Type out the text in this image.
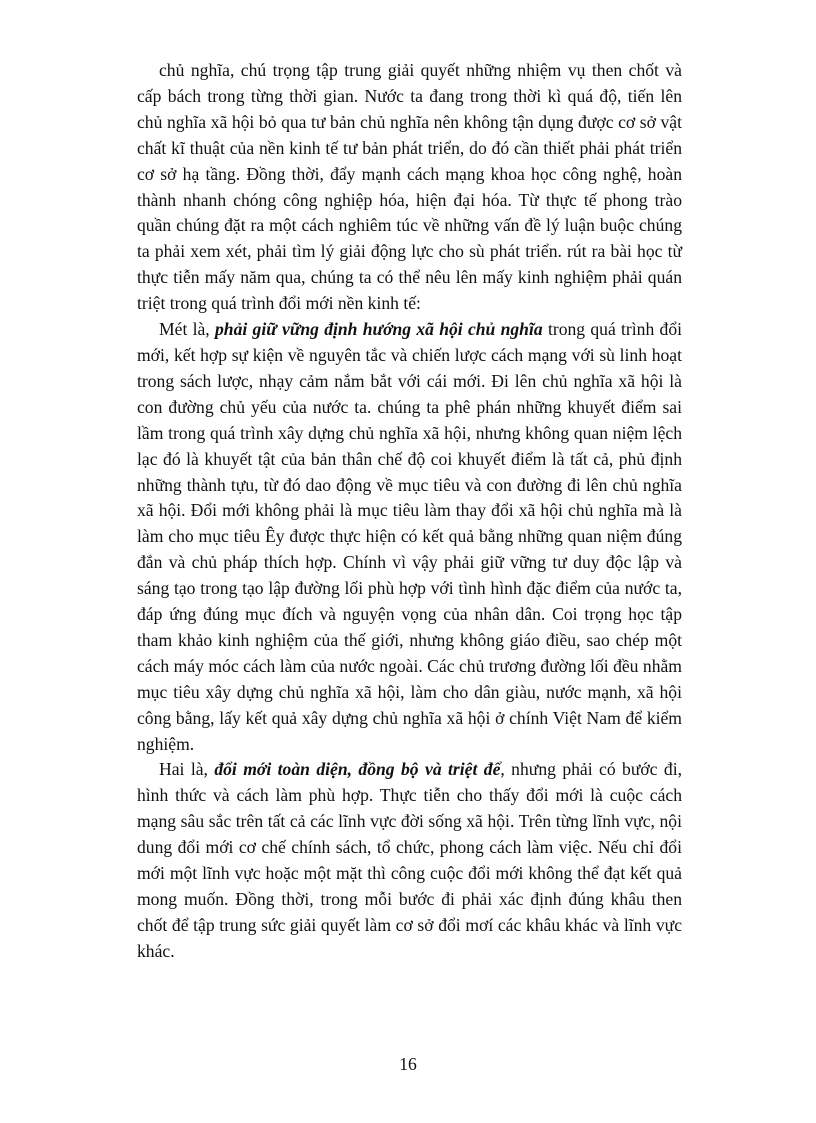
chủ nghĩa, chú trọng tập trung giải quyết những nhiệm vụ then chốt và cấp bách trong từng thời gian. Nước ta đang trong thời kì quá độ, tiến lên chủ nghĩa xã hội bỏ qua tư bản chủ nghĩa nên không tận dụng được cơ sở vật chất kĩ thuật của nền kinh tế tư bản phát triển, do đó cần thiết phải phát triển cơ sở hạ tầng. Đồng thời, đẩy mạnh cách mạng khoa học công nghệ, hoàn thành nhanh chóng công nghiệp hóa, hiện đại hóa. Từ thực tế phong trào quần chúng đặt ra một cách nghiêm túc về những vấn đề lý luận buộc chúng ta phải xem xét, phải tìm lý giải động lực cho sù phát triển. rút ra bài học từ thực tiễn mấy năm qua, chúng ta có thể nêu lên mấy kinh nghiệm phải quán triệt trong quá trình đổi mới nền kinh tế:

Mét là, phải giữ vững định hướng xã hội chủ nghĩa trong quá trình đổi mới, kết hợp sự kiện về nguyên tắc và chiến lược cách mạng với sù linh hoạt trong sách lược, nhạy cảm nắm bắt với cái mới. Đi lên chủ nghĩa xã hội là con đường chủ yếu của nước ta. chúng ta phê phán những khuyết điểm sai lầm trong quá trình xây dựng chủ nghĩa xã hội, nhưng không quan niệm lệch lạc đó là khuyết tật của bản thân chế độ coi khuyết điểm là tất cả, phủ định những thành tựu, từ đó dao động về mục tiêu và con đường đi lên chủ nghĩa xã hội. Đổi mới không phải là mục tiêu làm thay đổi xã hội chủ nghĩa mà là làm cho mục tiêu Êy được thực hiện có kết quả bằng những quan niệm đúng đắn và chủ pháp thích hợp. Chính vì vậy phải giữ vững tư duy độc lập và sáng tạo trong tạo lập đường lối phù hợp với tình hình đặc điểm của nước ta, đáp ứng đúng mục đích và nguyện vọng của nhân dân. Coi trọng học tập tham khảo kinh nghiệm của thế giới, nhưng không giáo điều, sao chép một cách máy móc cách làm của nước ngoài. Các chủ trương đường lối đều nhằm mục tiêu xây dựng chủ nghĩa xã hội, làm cho dân giàu, nước mạnh, xã hội công bằng, lấy kết quả xây dựng chủ nghĩa xã hội ở chính Việt Nam để kiểm nghiệm.

Hai là, đổi mới toàn diện, đồng bộ và triệt để, nhưng phải có bước đi, hình thức và cách làm phù hợp. Thực tiễn cho thấy đổi mới là cuộc cách mạng sâu sắc trên tất cả các lĩnh vực đời sống xã hội. Trên từng lĩnh vực, nội dung đổi mới cơ chế chính sách, tổ chức, phong cách làm việc. Nếu chỉ đổi mới một lĩnh vực hoặc một mặt thì công cuộc đổi mới không thể đạt kết quả mong muốn. Đồng thời, trong mỗi bước đi phải xác định đúng khâu then chốt để tập trung sức giải quyết làm cơ sở đổi mơí các khâu khác và lĩnh vực khác.

16
